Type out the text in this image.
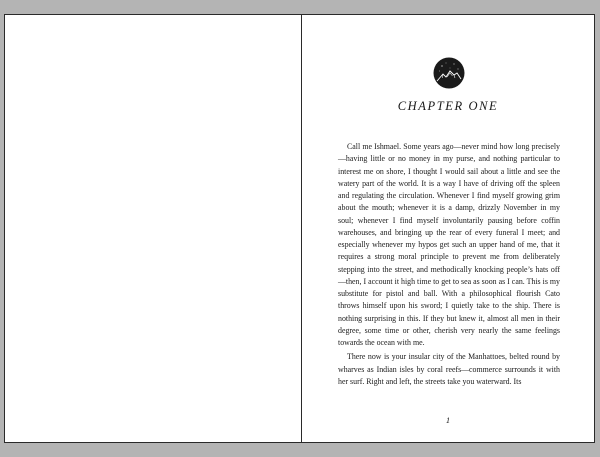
CHAPTER ONE

Call me Ishmael. Some years ago—never mind how long precisely—having little or no money in my purse, and nothing particular to interest me on shore, I thought I would sail about a little and see the watery part of the world. It is a way I have of driving off the spleen and regulating the circulation. Whenever I find myself growing grim about the mouth; whenever it is a damp, drizzly November in my soul; whenever I find myself involuntarily pausing before coffin warehouses, and bringing up the rear of every funeral I meet; and especially whenever my hypos get such an upper hand of me, that it requires a strong moral principle to prevent me from deliberately stepping into the street, and methodically knocking people’s hats off—then, I account it high time to get to sea as soon as I can. This is my substitute for pistol and ball. With a philosophical flourish Cato throws himself upon his sword; I quietly take to the ship. There is nothing surprising in this. If they but knew it, almost all men in their degree, some time or other, cherish very nearly the same feelings towards the ocean with me.

There now is your insular city of the Manhattoes, belted round by wharves as Indian isles by coral reefs—commerce surrounds it with her surf. Right and left, the streets take you waterward. Its

1
